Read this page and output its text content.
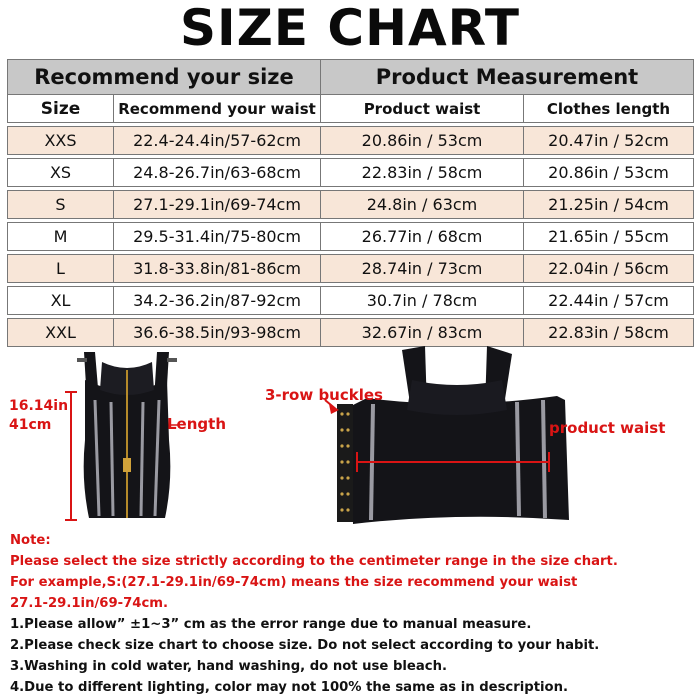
SIZE CHART
Recommend your size		Product Measurement	
Size	Recommend your waist	Product waist	Clothes length

XXS	22.4-24.4in/57-62cm	20.86in / 53cm	20.47in / 52cm

XS	24.8-26.7in/63-68cm	22.83in / 58cm	20.86in / 53cm

S	27.1-29.1in/69-74cm	24.8in / 63cm	21.25in / 54cm

M	29.5-31.4in/75-80cm	26.77in / 68cm	21.65in / 55cm

L	31.8-33.8in/81-86cm	28.74in / 73cm	22.04in / 56cm

XL	34.2-36.2in/87-92cm	30.7in / 78cm	22.44in / 57cm

XXL	36.6-38.5in/93-98cm	32.67in / 83cm	22.83in / 58cm
16.14in
41cm	Length
3-row buckles
product waist
Note:
Please select the size strictly according to the centimeter range in the size chart.
For example,S:(27.1-29.1in/69-74cm) means the size recommend your waist
27.1-29.1in/69-74cm.
1.Please allow” ±1~3” cm as the error range due to manual measure.
2.Please check size chart to choose size. Do not select according to your habit.
3.Washing in cold water, hand washing, do not use bleach.
4.Due to different lighting, color may not 100% the same as in description.
